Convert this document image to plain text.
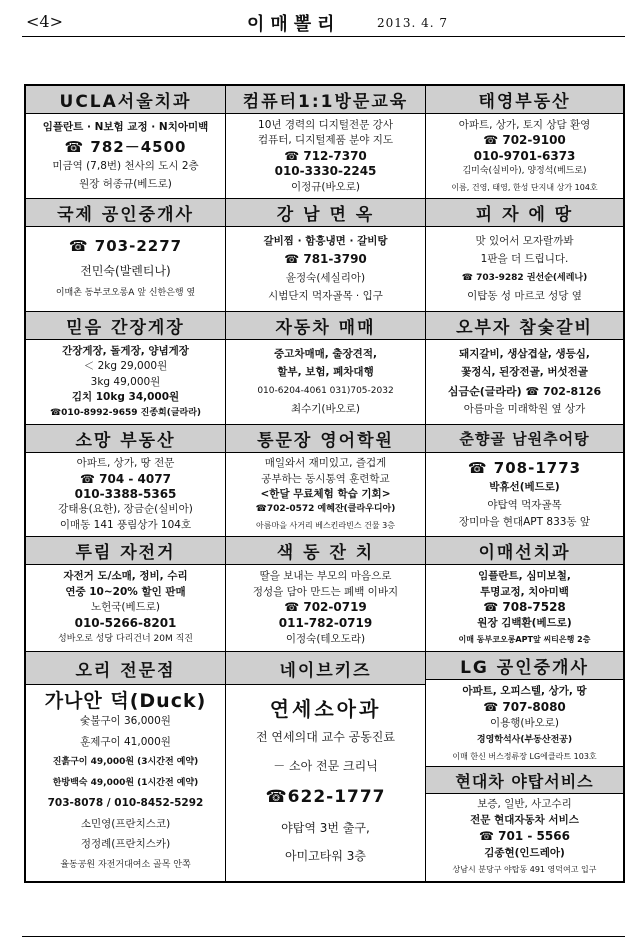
<4>	이매뽈리	2013. 4. 7
UCLA서울치과
임플란트 · N보험 교정 · N치아미백
☎ 782－4500
미금역 (7,8번) 천사의 도시 2층
원장 허종규(베드로)
컴퓨터1:1방문교육
10년 경력의 디지털전문 강사
컴퓨터, 디지털제품 분야 지도
☎ 712-7370
010-3330-2245
이정규(바오로)
태영부동산
아파트, 상가, 토지 상담 환영
☎ 702-9100
010-9701-6373
김미숙(실비아), 양정석(베드로)
이름, 건영, 태영, 한성 단지내 상가 104호
국제 공인중개사
☎ 703-2277
전민숙(발렌티나)
이매촌 동부코오롱A 앞 신한은행 옆
강 남 면 옥
갈비찜 · 함흥냉면 · 갈비탕
☎ 781-3790
윤정숙(세실리아)
시범단지 먹자골목 · 입구
피 자 에 땅
맛 있어서 모자랄까봐
1판을 더 드립니다.
☎ 703-9282 권선순(세레나)
이탑동 성 마르코 성당 옆
믿음 간장게장
간장게장, 돌게장, 양념게장
＜ 2kg 29,000원
3kg 49,000원
김치 10kg 34,000원
☎010-8992-9659 진종희(글라라)
자동차 매매
중고차매매, 출장견적,
할부, 보험, 폐차대행
010-6204-4061 031)705-2032
최수기(바오로)
오부자 참숯갈비
돼지갈비, 생삼겹살, 생등심,
꽃정식, 된장전골, 버섯전골
심금순(글라라) ☎ 702-8126
아름마을 미래학원 옆 상가
소망 부동산
아파트, 상가, 땅 전문
☎ 704 - 4077
010-3388-5365
강태용(요한), 장금순(실비아)
이매동 141 풍림상가 104호
통문장 영어학원
매일와서 재미있고, 즐겁게
공부하는 동시통역 훈련학교
<한달 무료체험 학습 기회>
☎702-0572 예혜잔(클라우디아)
아름마을 사거리 베스킨라빈스 건물 3층
춘향골 남원추어탕
☎ 708-1773
박휴선(베드로)
야탑역 먹자골목
장미마을 현대APT 833동 앞
투림 자전거
자전거 도/소매, 정비, 수리
연중 10~20% 할인 판매
노헌국(베드로)
010-5266-8201
성바오로 성당 다리건너 20M 직진
색 동 잔 치
딸을 보내는 부모의 마음으로
정성을 담아 만드는 폐백 이바지
☎ 702-0719
011-782-0719
이정숙(테오도라)
이매선치과
임플란트, 심미보철,
투명교정, 치아미백
☎ 708-7528
원장 김백환(베드로)
이매 동부코오롱APT앞 씨티은행 2층
오리 전문점
가나안 덕(Duck)
숯불구이 36,000원
훈제구이 41,000원
진흙구이 49,000원 (3시간전 예약)
한방백숙 49,000원 (1시간전 예약)
703-8078 / 010-8452-5292
소민영(프란치스코)
정정례(프란치스카)
율동공원 자전거대여소 골목 안쪽
네이브키즈
연세소아과
전 연세의대 교수 공동진료
－ 소아 전문 크리닉
☎622-1777
야탑역 3번 출구,
아미고타워 3층
LG 공인중개사
아파트, 오피스텔, 상가, 땅
☎ 707-8080
이용행(바오로)
경영학석사(부동산전공)
이매 한신 버스정류장 LG에클라트 103호
현대차 야탑서비스
보증, 일반, 사고수리
전문 현대자동차 서비스
☎ 701 - 5566
김종현(인드레아)
상남시 분당구 야탑동 491 영덕여고 입구
